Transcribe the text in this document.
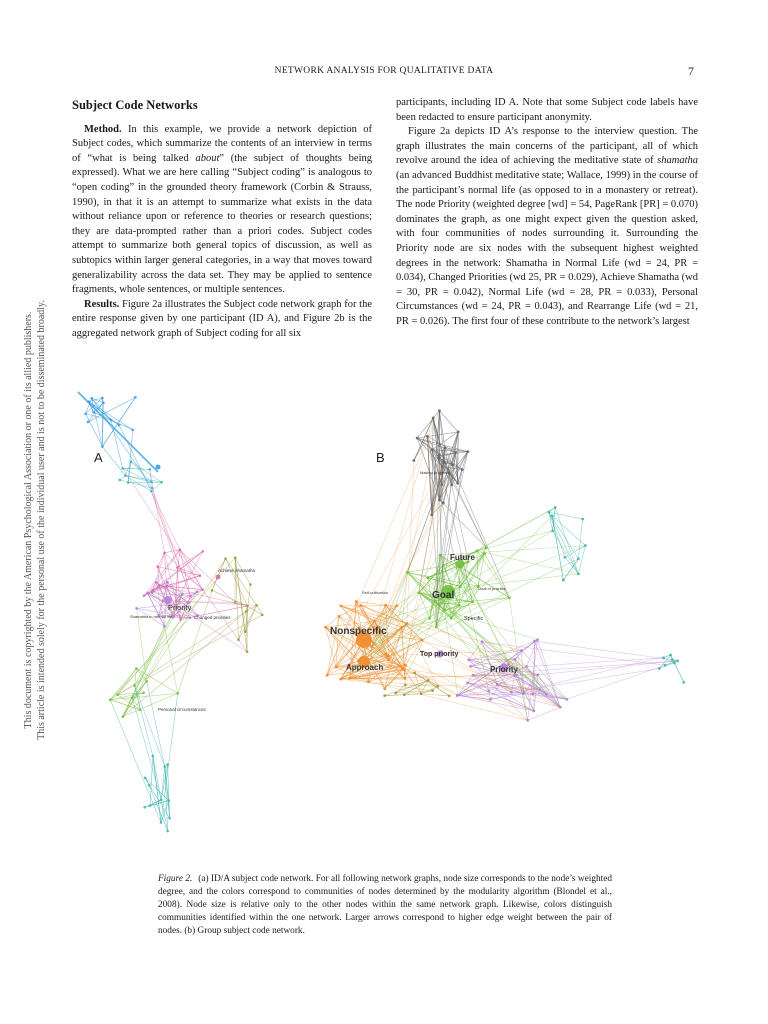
NETWORK ANALYSIS FOR QUALITATIVE DATA	7
This document is copyrighted by the American Psychological Association or one of its allied publishers. This article is intended solely for the personal use of the individual user and is not to be disseminated broadly.
Subject Code Networks

Method. In this example, we provide a network depiction of Subject codes, which summarize the contents of an interview in terms of “what is being talked about” (the subject of thoughts being expressed). What we are here calling “Subject coding” is analogous to “open coding” in the grounded theory framework (Corbin & Strauss, 1990), in that it is an attempt to summarize what exists in the data without reliance upon or reference to theories or research questions; they are data-prompted rather than a priori codes. Subject codes attempt to summarize both general topics of discussion, as well as subtopics within larger general categories, in a way that moves toward generalizability across the data set. They may be applied to sentence fragments, whole sentences, or multiple sentences.

Results. Figure 2a illustrates the Subject code network graph for the entire response given by one participant (ID A), and Figure 2b is the aggregated network graph of Subject coding for all six

participants, including ID A. Note that some Subject code labels have been redacted to ensure participant anonymity.

Figure 2a depicts ID A’s response to the interview question. The graph illustrates the main concerns of the participant, all of which revolve around the idea of achieving the meditative state of shamatha (an advanced Buddhist meditative state; Wallace, 1999) in the course of the participant’s normal life (as opposed to in a monastery or retreat). The node Priority (weighted degree [wd] = 54, PageRank [PR] = 0.070) dominates the graph, as one might expect given the question asked, with four communities of nodes surrounding it. Surrounding the Priority node are six nodes with the subsequent highest weighted degrees in the network: Shamatha in Normal Life (wd = 24, PR = 0.034), Changed Priorities (wd 25, PR = 0.029), Achieve Shamatha (wd = 30, PR = 0.042), Normal Life (wd = 28, PR = 0.033), Personal Circumstances (wd = 24, PR = 0.043), and Rearrange Life (wd = 21, PR = 0.026). The first four of these contribute to the network’s largest

A	B
Priority
Achieve shamatha
Changed priorities
Shamatha in normal life
Personal circumstances
Future
Goal
Specific
Nonspecific
Approach
Top priority
Priority
Self-cultivation
Goal of practice
Making progress
Figure 2. (a) ID/A subject code network. For all following network graphs, node size corresponds to the node’s weighted degree, and the colors correspond to communities of nodes determined by the modularity algorithm (Blondel et al., 2008). Node size is relative only to the other nodes within the same network graph. Likewise, colors distinguish communities identified within the one network. Larger arrows correspond to higher edge weight between the pair of nodes. (b) Group subject code network.
